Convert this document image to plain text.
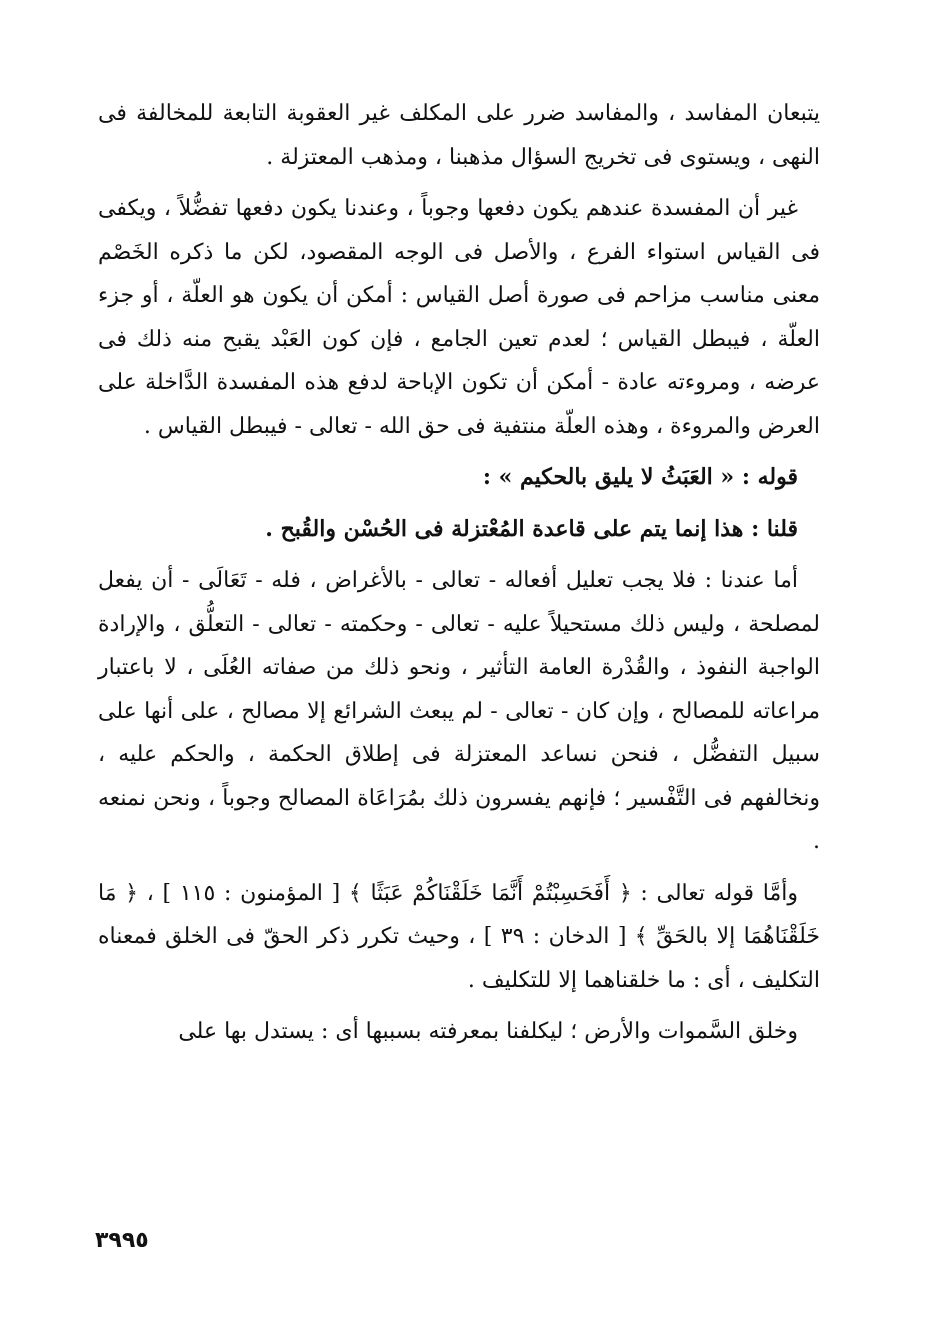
يتبعان المفاسد ، والمفاسد ضرر على المكلف غير العقوبة التابعة للمخالفة فى النهى ، ويستوى فى تخريج السؤال مذهبنا ، ومذهب المعتزلة .

غير أن المفسدة عندهم يكون دفعها وجوباً ، وعندنا يكون دفعها تفضُّلاً ، ويكفى فى القياس استواء الفرع ، والأصل فى الوجه المقصود، لكن ما ذكره الخَصْم معنى مناسب مزاحم فى صورة أصل القياس : أمكن أن يكون هو العلّة ، أو جزء العلّة ، فيبطل القياس ؛ لعدم تعين الجامع ، فإن كون العَبْد يقبح منه ذلك فى عرضه ، ومروءته عادة - أمكن أن تكون الإباحة لدفع هذه المفسدة الدَّاخلة على العرض والمروءة ، وهذه العلّة منتفية فى حق الله - تعالى - فيبطل القياس .

قوله : « العَبَثُ لا يليق بالحكيم » :

قلنا : هذا إنما يتم على قاعدة المُعْتزلة فى الحُسْن والقُبح .

أما عندنا : فلا يجب تعليل أفعاله - تعالى - بالأغراض ، فله - تَعَالَى - أن يفعل لمصلحة ، وليس ذلك مستحيلاً عليه - تعالى - وحكمته - تعالى - التعلُّق ، والإرادة الواجبة النفوذ ، والقُدْرة العامة التأثير ، ونحو ذلك من صفاته العُلَى ، لا باعتبار مراعاته للمصالح ، وإن كان - تعالى - لم يبعث الشرائع إلا مصالح ، على أنها على سبيل التفضُّل ، فنحن نساعد المعتزلة فى إطلاق الحكمة ، والحكم عليه ، ونخالفهم فى التَّفْسير ؛ فإنهم يفسرون ذلك بمُرَاعَاة المصالح وجوباً ، ونحن نمنعه .

وأمَّا قوله تعالى : ﴿ أَفَحَسِبْتُمْ أَنَّمَا خَلَقْنَاكُمْ عَبَثًا ﴾ [ المؤمنون : ١١٥ ] ، ﴿ مَا خَلَقْنَاهُمَا إلا بالحَقِّ ﴾ [ الدخان : ٣٩ ] ، وحيث تكرر ذكر الحقّ فى الخلق فمعناه التكليف ، أى : ما خلقناهما إلا للتكليف .

وخلق السَّموات والأرض ؛ ليكلفنا بمعرفته بسببها أى : يستدل بها على

٣٩٩٥
